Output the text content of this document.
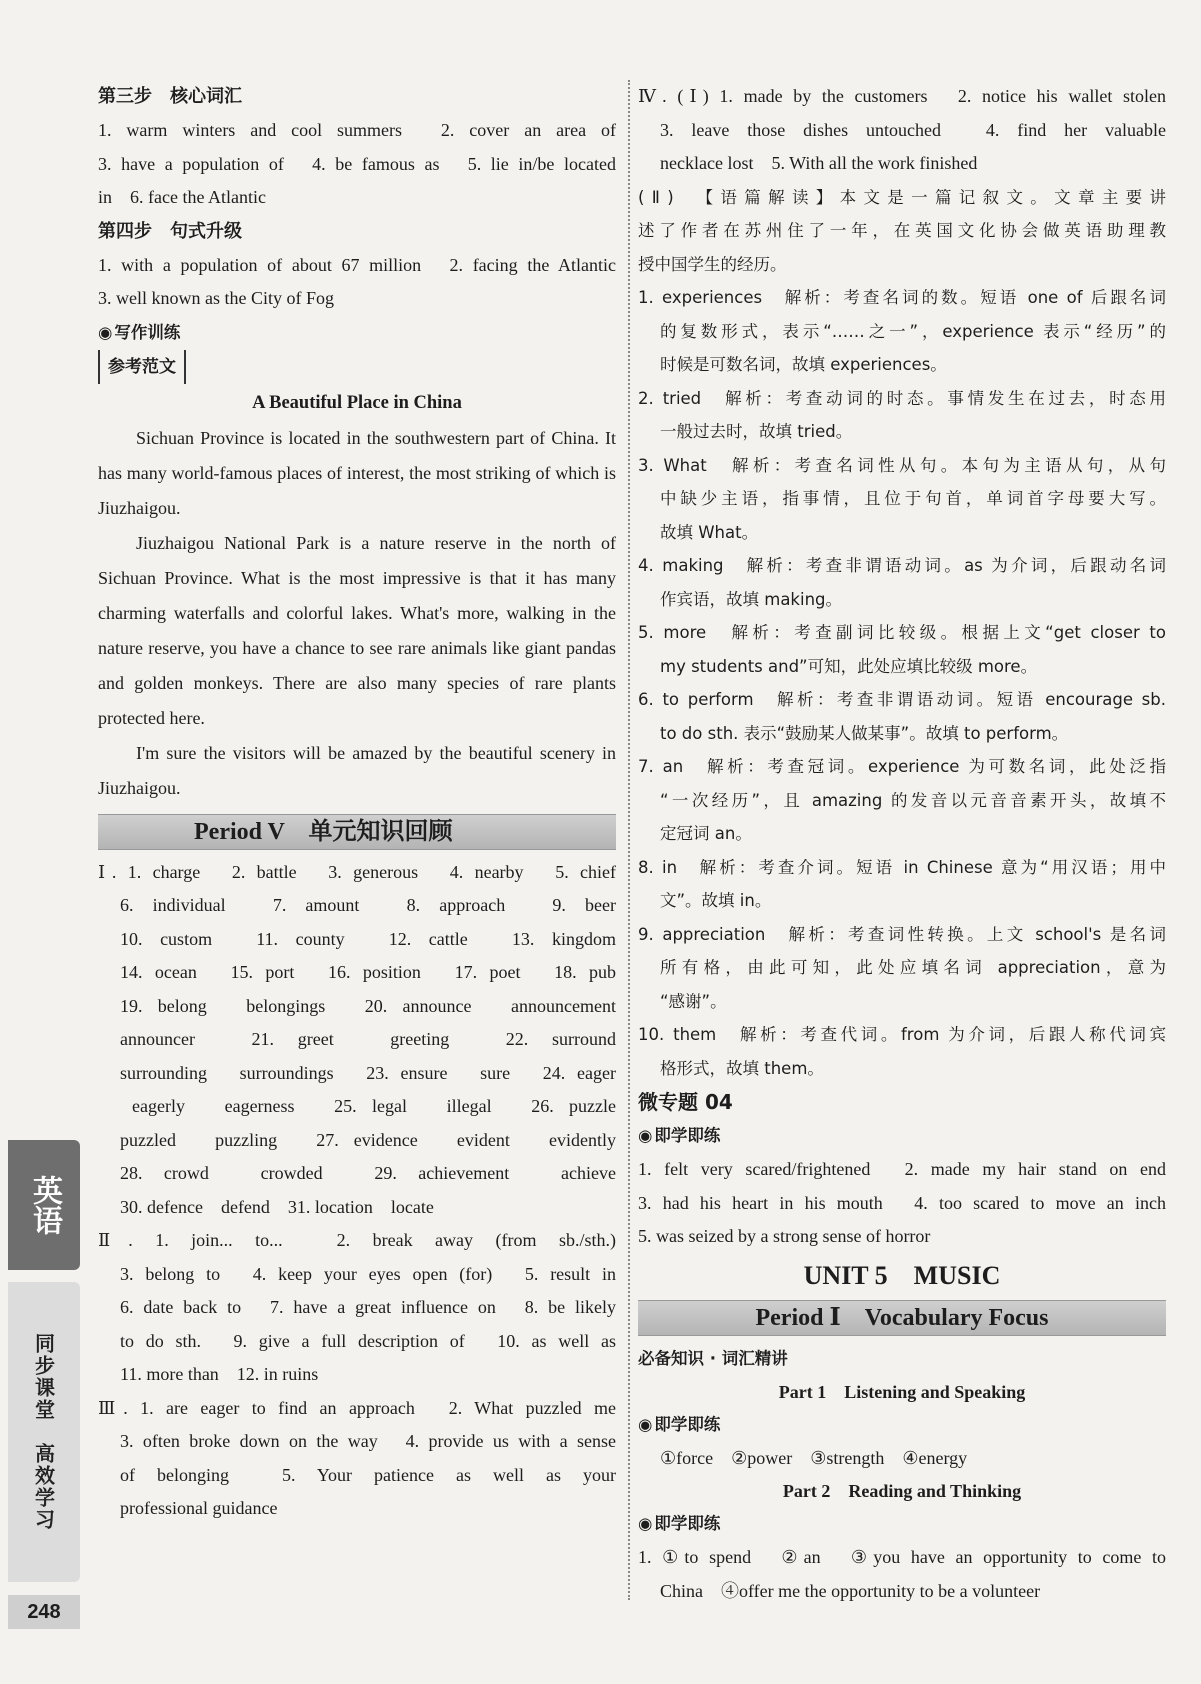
第三步　核心词汇
1. warm winters and cool summers　2. cover an area of
3. have a population of　4. be famous as　5. lie in/be located
in　6. face the Atlantic
第四步　句式升级
1. with a population of about 67 million　2. facing the Atlantic
3. well known as the City of Fog
◉ 写作训练
参考范文
A Beautiful Place in China

Sichuan Province is located in the southwestern part of China. It has many world-famous places of interest, the most striking of which is Jiuzhaigou.

Jiuzhaigou National Park is a nature reserve in the north of Sichuan Province. What is the most impressive is that it has many charming waterfalls and colorful lakes. What's more, walking in the nature reserve, you have a chance to see rare animals like giant pandas and golden monkeys. There are also many species of rare plants protected here.

I'm sure the visitors will be amazed by the beautiful scenery in Jiuzhaigou.

Period V　单元知识回顾
Ⅰ. 1. charge　2. battle　3. generous　4. nearby　5. chief
6. individual　7. amount　8. approach　9. beer
10. custom　11. county　12. cattle　13. kingdom
14. ocean　15. port　16. position　17. poet　18. pub
19. belong　belongings　20. announce　announcement
announcer　21. greet　greeting　22. surround
surrounding　surroundings　23. ensure　sure　24. eager
eagerly　eagerness　25. legal　illegal　26. puzzle
puzzled　puzzling　27. evidence　evident　evidently
28. crowd　crowded　29. achievement　achieve
30. defence　defend　31. location　locate
Ⅱ. 1. join... to...　2. break away (from sb./sth.)
3. belong to　4. keep your eyes open (for)　5. result in
6. date back to　7. have a great influence on　8. be likely
to do sth.　9. give a full description of　10. as well as
11. more than　12. in ruins
Ⅲ. 1. are eager to find an approach　2. What puzzled me
3. often broke down on the way　4. provide us with a sense
of belonging　5. Your patience as well as your
professional guidance
Ⅳ. (Ⅰ) 1. made by the customers　2. notice his wallet stolen
3. leave those dishes untouched　4. find her valuable
necklace lost　5. With all the work finished
(Ⅱ)　【语篇解读】本文是一篇记叙文。文章主要讲
述了作者在苏州住了一年，在英国文化协会做英语助理教
授中国学生的经历。
1. experiences　解析：考查名词的数。短语 one of 后跟名词
的复数形式，表示“……之一”，experience 表示“经历”的
时候是可数名词，故填 experiences。
2. tried　解析：考查动词的时态。事情发生在过去，时态用
一般过去时，故填 tried。
3. What　解析：考查名词性从句。本句为主语从句，从句
中缺少主语，指事情，且位于句首，单词首字母要大写。
故填 What。
4. making　解析：考查非谓语动词。as 为介词，后跟动名词
作宾语，故填 making。
5. more　解析：考查副词比较级。根据上文“get closer to
my students and”可知，此处应填比较级 more。
6. to perform　解析：考查非谓语动词。短语 encourage sb.
to do sth. 表示“鼓励某人做某事”。故填 to perform。
7. an　解析：考查冠词。experience 为可数名词，此处泛指
“一次经历”，且 amazing 的发音以元音音素开头，故填不
定冠词 an。
8. in　解析：考查介词。短语 in Chinese 意为“用汉语；用中
文”。故填 in。
9. appreciation　解析：考查词性转换。上文 school's 是名词
所有格，由此可知，此处应填名词 appreciation，意为
“感谢”。
10. them　解析：考查代词。from 为介词，后跟人称代词宾
格形式，故填 them。
微专题 04
◉ 即学即练
1. felt very scared/frightened　2. made my hair stand on end
3. had his heart in his mouth　4. too scared to move an inch
5. was seized by a strong sense of horror
UNIT 5　MUSIC
Period Ⅰ　Vocabulary Focus
必备知识 · 词汇精讲
Part 1　Listening and Speaking
◉ 即学即练
①force　②power　③strength　④energy
Part 2　Reading and Thinking
◉ 即学即练
1. ①to spend　②an　③you have an opportunity to come to
China　④offer me the opportunity to be a volunteer
英语
同步课堂　高效学习
248
